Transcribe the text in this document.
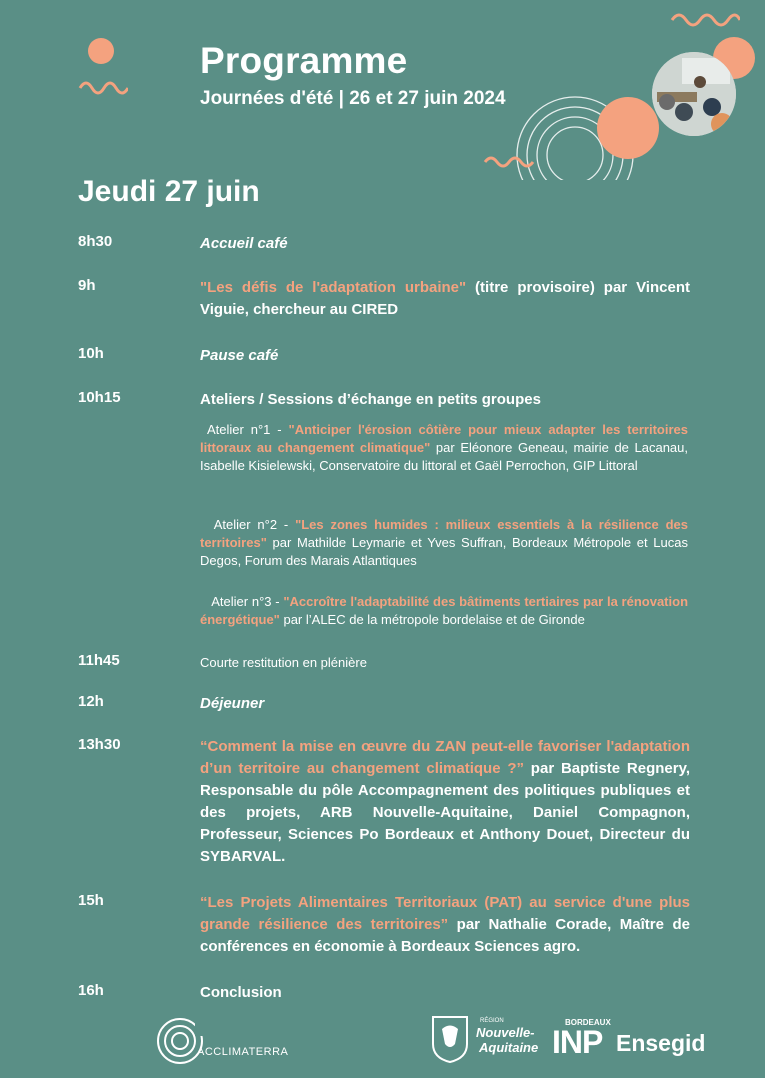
Programme
Journées d'été | 26 et 27 juin 2024
Jeudi 27 juin
8h30	Accueil café
9h	"Les défis de l'adaptation urbaine" (titre provisoire) par Vincent Viguie, chercheur au CIRED
10h	Pause café
10h15	Ateliers / Sessions d’échange en petits groupes
Atelier n°1 - "Anticiper l'érosion côtière pour mieux adapter les territoires littoraux au changement climatique" par Eléonore Geneau, mairie de Lacanau, Isabelle Kisielewski, Conservatoire du littoral et Gaël Perrochon, GIP Littoral
Atelier n°2 - "Les zones humides : milieux essentiels à la résilience des territoires" par Mathilde Leymarie et Yves Suffran, Bordeaux Métropole et Lucas Degos, Forum des Marais Atlantiques
Atelier n°3 - "Accroître l'adaptabilité des bâtiments tertiaires par la rénovation énergétique" par l’ALEC de la métropole bordelaise et de Gironde
11h45	Courte restitution en plénière
12h	Déjeuner
13h30	“Comment la mise en œuvre du ZAN peut-elle favoriser l'adaptation d’un territoire au changement climatique ?” par Baptiste Regnery, Responsable du pôle Accompagnement des politiques publiques et des projets, ARB Nouvelle-Aquitaine, Daniel Compagnon, Professeur, Sciences Po Bordeaux et Anthony Douet, Directeur du SYBARVAL.
15h	“Les Projets Alimentaires Territoriaux (PAT) au service d'une plus grande résilience des territoires” par Nathalie Corade, Maître de conférences en économie à Bordeaux Sciences agro.
16h	Conclusion
ACCLIMATERRA
RÉGION
Nouvelle-
Aquitaine
BORDEAUX
INP Ensegid
